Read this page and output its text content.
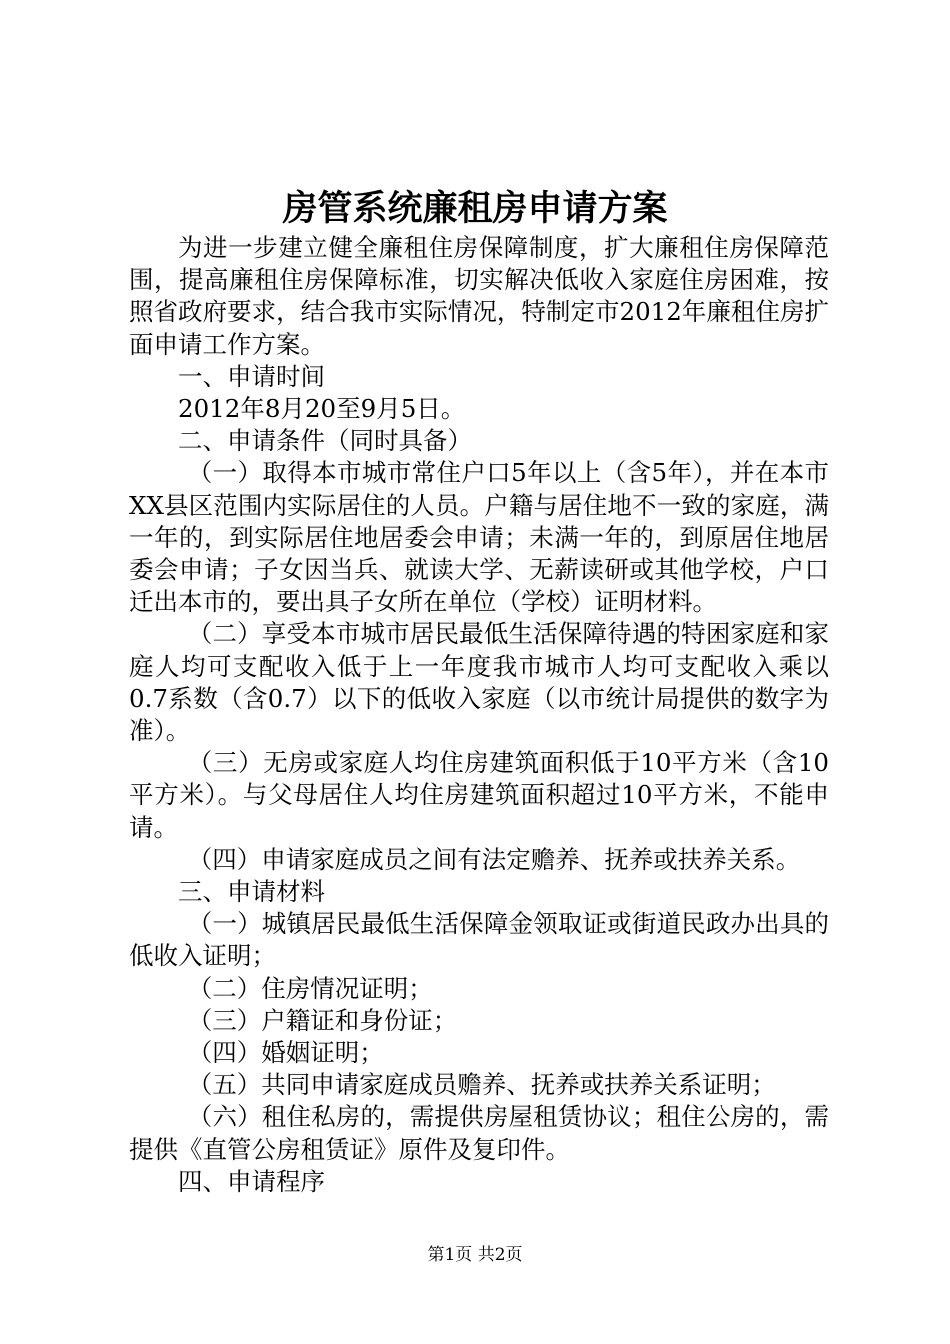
房管系统廉租房申请方案

为进一步建立健全廉租住房保障制度，扩大廉租住房保障范围，提高廉租住房保障标准，切实解决低收入家庭住房困难，按照省政府要求，结合我市实际情况，特制定市2012年廉租住房扩面申请工作方案。

一、申请时间

2012年8月20至9月5日。

二、申请条件（同时具备）

（一）取得本市城市常住户口5年以上（含5年），并在本市XX县区范围内实际居住的人员。户籍与居住地不一致的家庭，满一年的，到实际居住地居委会申请；未满一年的，到原居住地居委会申请；子女因当兵、就读大学、无薪读研或其他学校，户口迁出本市的，要出具子女所在单位（学校）证明材料。

（二）享受本市城市居民最低生活保障待遇的特困家庭和家庭人均可支配收入低于上一年度我市城市人均可支配收入乘以0.7系数（含0.7）以下的低收入家庭（以市统计局提供的数字为准）。

（三）无房或家庭人均住房建筑面积低于10平方米（含10平方米）。与父母居住人均住房建筑面积超过10平方米，不能申请。

（四）申请家庭成员之间有法定赡养、抚养或扶养关系。

三、申请材料

（一）城镇居民最低生活保障金领取证或街道民政办出具的低收入证明；

（二）住房情况证明；

（三）户籍证和身份证；

（四）婚姻证明；

（五）共同申请家庭成员赡养、抚养或扶养关系证明；

（六）租住私房的，需提供房屋租赁协议；租住公房的，需提供《直管公房租赁证》原件及复印件。

四、申请程序

第1页 共2页
